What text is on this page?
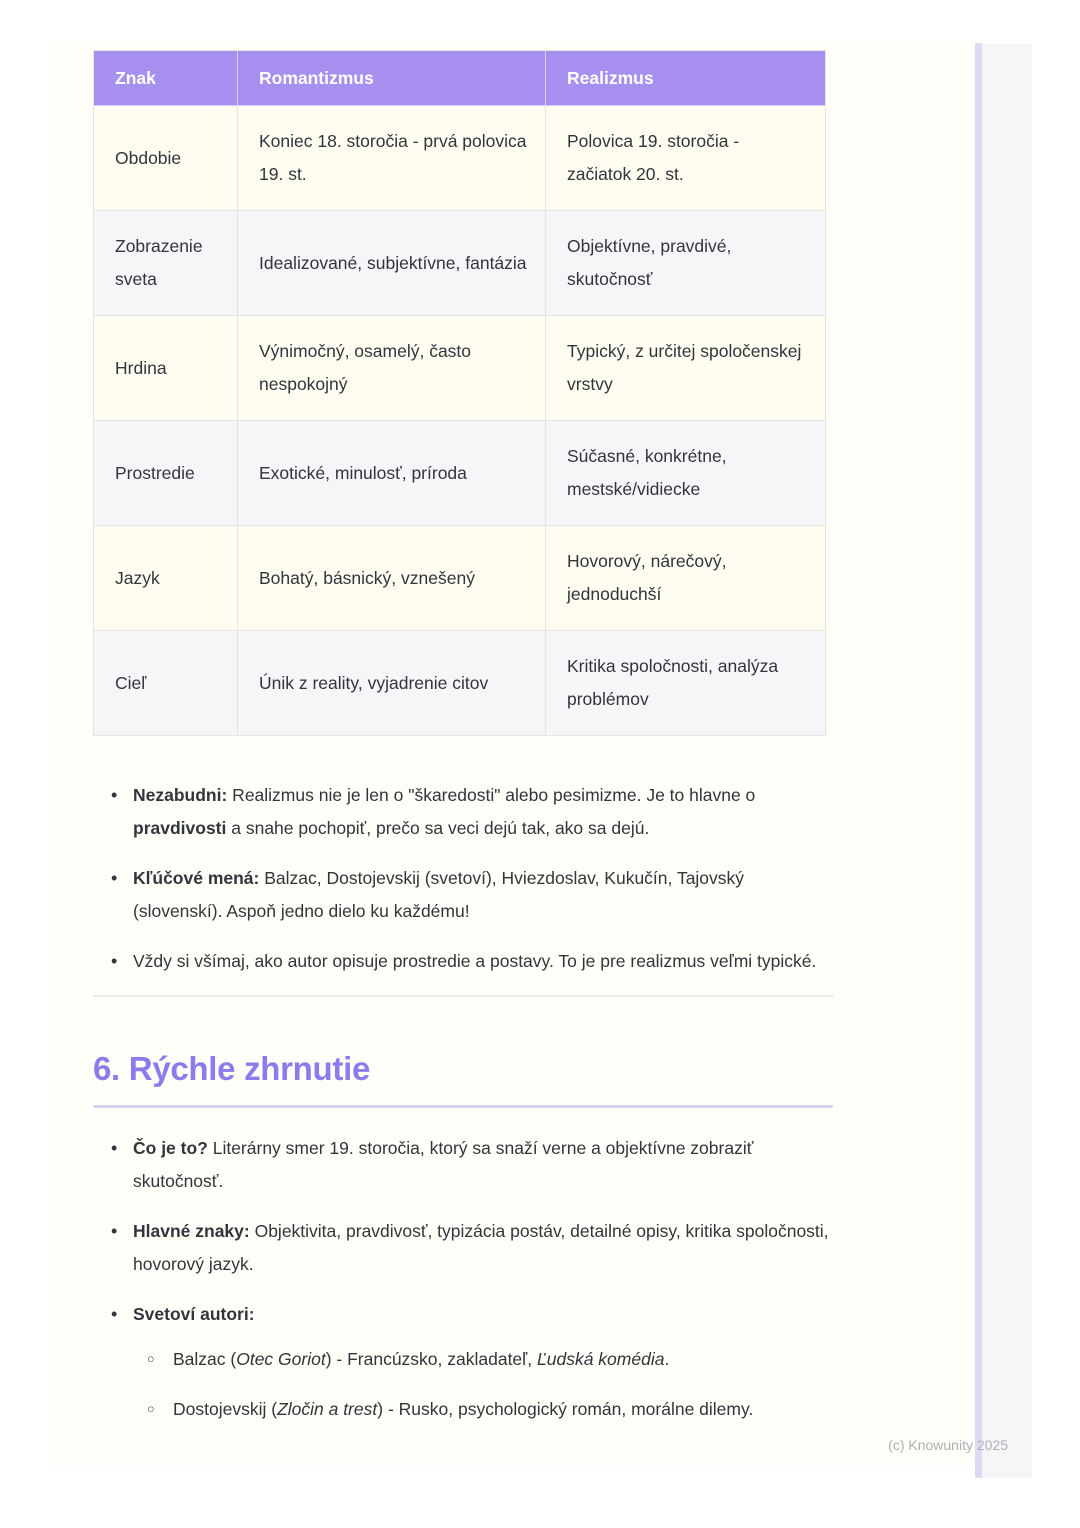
Znak	Romantizmus	Realizmus
Obdobie	Koniec 18. storočia - prvá polovica 19. st.	Polovica 19. storočia - začiatok 20. st.
Zobrazenie sveta	Idealizované, subjektívne, fantázia	Objektívne, pravdivé, skutočnosť
Hrdina	Výnimočný, osamelý, často nespokojný	Typický, z určitej spoločenskej vrstvy
Prostredie	Exotické, minulosť, príroda	Súčasné, konkrétne, mestské/vidiecke
Jazyk	Bohatý, básnický, vznešený	Hovorový, nárečový, jednoduchší
Cieľ	Únik z reality, vyjadrenie citov	Kritika spoločnosti, analýza problémov
•
Nezabudni: Realizmus nie je len o "škaredosti" alebo pesimizme. Je to hlavne o pravdivosti a snahe pochopiť, prečo sa veci dejú tak, ako sa dejú.
•
Kľúčové mená: Balzac, Dostojevskij (svetoví), Hviezdoslav, Kukučín, Tajovský (slovenskí). Aspoň jedno dielo ku každému!
•
Vždy si všímaj, ako autor opisuje prostredie a postavy. To je pre realizmus veľmi typické.
6. Rýchle zhrnutie
•
Čo je to? Literárny smer 19. storočia, ktorý sa snaží verne a objektívne zobraziť skutočnosť.
•
Hlavné znaky: Objektivita, pravdivosť, typizácia postáv, detailné opisy, kritika spoločnosti, hovorový jazyk.
•
Svetoví autori:
○
Balzac (Otec Goriot) - Francúzsko, zakladateľ, Ľudská komédia.
○
Dostojevskij (Zločin a trest) - Rusko, psychologický román, morálne dilemy.
(c) Knowunity 2025
